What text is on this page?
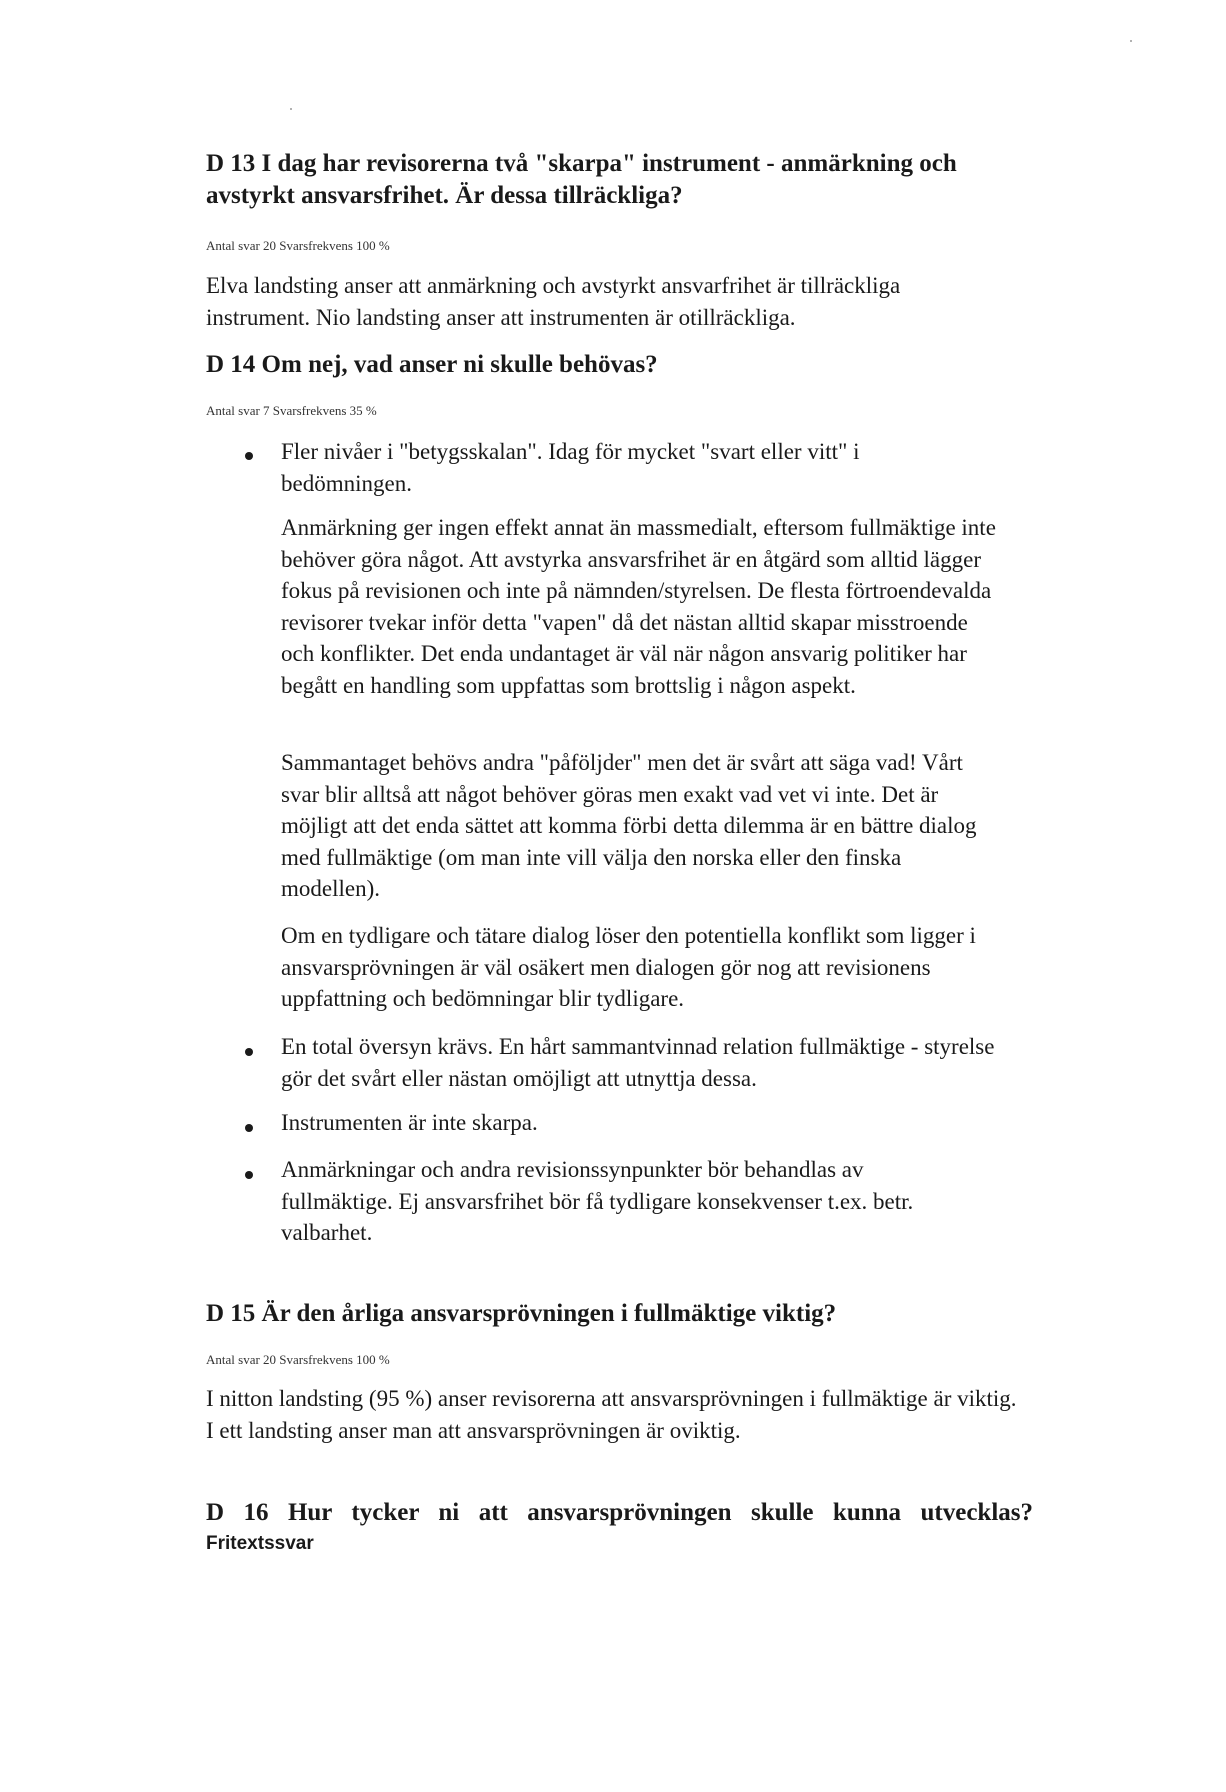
D 13 I dag har revisorerna två "skarpa" instrument - anmärkning och avstyrkt ansvarsfrihet. Är dessa tillräckliga?
Antal svar 20 Svarsfrekvens 100 %

Elva landsting anser att anmärkning och avstyrkt ansvarfrihet är tillräckliga instrument. Nio landsting anser att instrumenten är otillräckliga.

D 14 Om nej, vad anser ni skulle behövas?
Antal svar 7 Svarsfrekvens 35 %

Fler nivåer i "betygsskalan". Idag för mycket "svart eller vitt" i bedömningen.

Anmärkning ger ingen effekt annat än massmedialt, eftersom fullmäktige inte behöver göra något. Att avstyrka ansvarsfrihet är en åtgärd som alltid lägger fokus på revisionen och inte på nämnden/styrelsen. De flesta förtroendevalda revisorer tvekar inför detta "vapen" då det nästan alltid skapar misstroende och konflikter. Det enda undantaget är väl när någon ansvarig politiker har begått en handling som uppfattas som brottslig i någon aspekt.

Sammantaget behövs andra "påföljder" men det är svårt att säga vad! Vårt svar blir alltså att något behöver göras men exakt vad vet vi inte. Det är möjligt att det enda sättet att komma förbi detta dilemma är en bättre dialog med fullmäktige (om man inte vill välja den norska eller den finska modellen).

Om en tydligare och tätare dialog löser den potentiella konflikt som ligger i ansvarsprövningen är väl osäkert men dialogen gör nog att revisionens uppfattning och bedömningar blir tydligare.

En total översyn krävs. En hårt sammantvinnad relation fullmäktige - styrelse gör det svårt eller nästan omöjligt att utnyttja dessa.

Instrumenten är inte skarpa.

Anmärkningar och andra revisionssynpunkter bör behandlas av fullmäktige. Ej ansvarsfrihet bör få tydligare konsekvenser t.ex. betr. valbarhet.

D 15 Är den årliga ansvarsprövningen i fullmäktige viktig?
Antal svar 20 Svarsfrekvens 100 %

I nitton landsting (95 %) anser revisorerna att ansvarsprövningen i fullmäktige är viktig. I ett landsting anser man att ansvarsprövningen är oviktig.

D 16 Hur tycker ni att ansvarsprövningen skulle kunna utvecklas?

Fritextssvar
